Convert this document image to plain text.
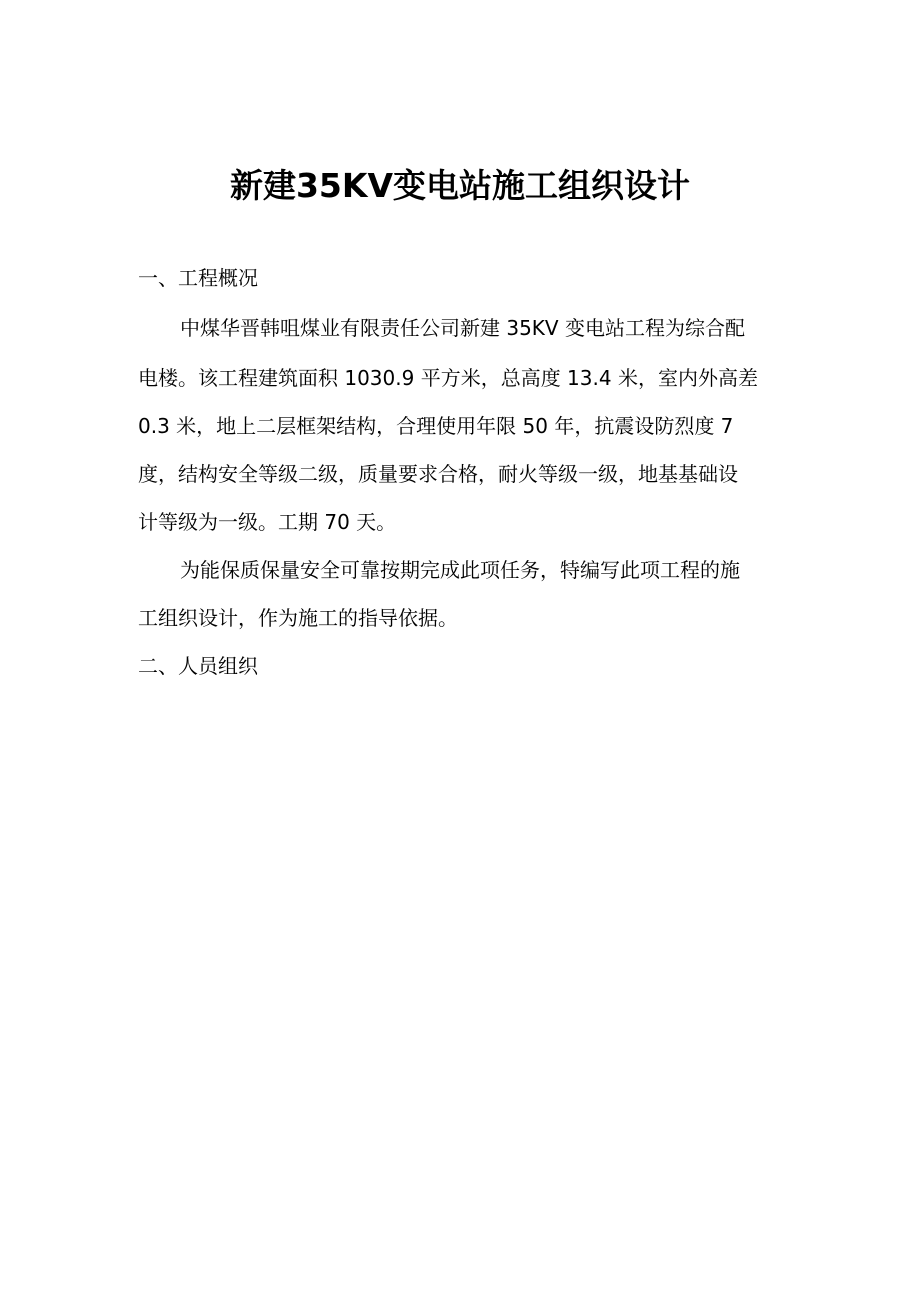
新建35KV变电站施工组织设计
一、工程概况
中煤华晋韩咀煤业有限责任公司新建 35KV 变电站工程为综合配
电楼。该工程建筑面积 1030.9 平方米，总高度 13.4 米，室内外高差
0.3 米，地上二层框架结构，合理使用年限 50 年，抗震设防烈度 7
度，结构安全等级二级，质量要求合格，耐火等级一级，地基基础设
计等级为一级。工期 70 天。
为能保质保量安全可靠按期完成此项任务，特编写此项工程的施
工组织设计，作为施工的指导依据。
二、人员组织
